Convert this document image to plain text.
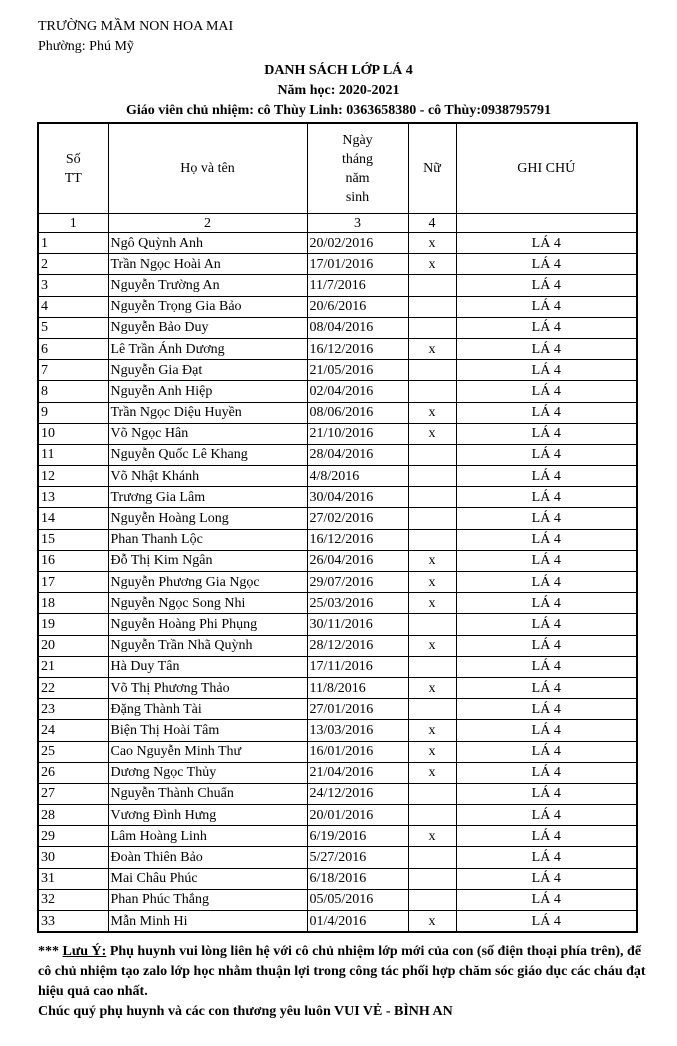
TRƯỜNG MẦM NON HOA MAI
Phường: Phú Mỹ
DANH SÁCH LỚP LÁ 4
Năm học: 2020-2021
Giáo viên chủ nhiệm: cô Thùy Linh: 0363658380 - cô Thùy:0938795791
Số TT	Họ và tên	Ngày tháng năm sinh	Nữ	GHI CHÚ
1	2	3	4	
1	Ngô Quỳnh Anh	20/02/2016	x	LÁ 4
2	Trần Ngọc Hoài An	17/01/2016	x	LÁ 4
3	Nguyễn Trường An	11/7/2016		LÁ 4
4	Nguyễn Trọng Gia Bảo	20/6/2016		LÁ 4
5	Nguyễn Bảo Duy	08/04/2016		LÁ 4
6	Lê Trần Ánh Dương	16/12/2016	x	LÁ 4
7	Nguyễn Gia Đạt	21/05/2016		LÁ 4
8	Nguyễn Anh Hiệp	02/04/2016		LÁ 4
9	Trần Ngọc Diệu Huyền	08/06/2016	x	LÁ 4
10	Võ Ngọc Hân	21/10/2016	x	LÁ 4
11	Nguyễn Quốc Lê Khang	28/04/2016		LÁ 4
12	Võ Nhật Khánh	4/8/2016		LÁ 4
13	Trương Gia Lâm	30/04/2016		LÁ 4
14	Nguyễn Hoàng Long	27/02/2016		LÁ 4
15	Phan Thanh Lộc	16/12/2016		LÁ 4
16	Đỗ Thị Kim Ngân	26/04/2016	x	LÁ 4
17	Nguyễn Phương Gia Ngọc	29/07/2016	x	LÁ 4
18	Nguyễn Ngọc Song Nhi	25/03/2016	x	LÁ 4
19	Nguyễn Hoàng Phi Phụng	30/11/2016		LÁ 4
20	Nguyễn Trần Nhã Quỳnh	28/12/2016	x	LÁ 4
21	Hà Duy Tân	17/11/2016		LÁ 4
22	Võ Thị Phương Thảo	11/8/2016	x	LÁ 4
23	Đặng Thành Tài	27/01/2016		LÁ 4
24	Biện Thị Hoài Tâm	13/03/2016	x	LÁ 4
25	Cao Nguyễn Minh Thư	16/01/2016	x	LÁ 4
26	Dương Ngọc Thủy	21/04/2016	x	LÁ 4
27	Nguyễn Thành Chuẩn	24/12/2016		LÁ 4
28	Vương Đình Hưng	20/01/2016		LÁ 4
29	Lâm Hoàng Linh	6/19/2016	x	LÁ 4
30	Đoàn Thiên Bảo	5/27/2016		LÁ 4
31	Mai Châu Phúc	6/18/2016		LÁ 4
32	Phan Phúc Thắng	05/05/2016		LÁ 4
33	Mẫn Minh Hi	01/4/2016	x	LÁ 4
*** Lưu Ý: Phụ huynh vui lòng liên hệ với cô chủ nhiệm lớp mới của con (số điện thoại phía trên), để cô chủ nhiệm tạo zalo lớp học nhằm thuận lợi trong công tác phối hợp chăm sóc giáo dục các cháu đạt hiệu quả cao nhất.
Chúc quý phụ huynh và các con thương yêu luôn VUI VẺ - BÌNH AN
